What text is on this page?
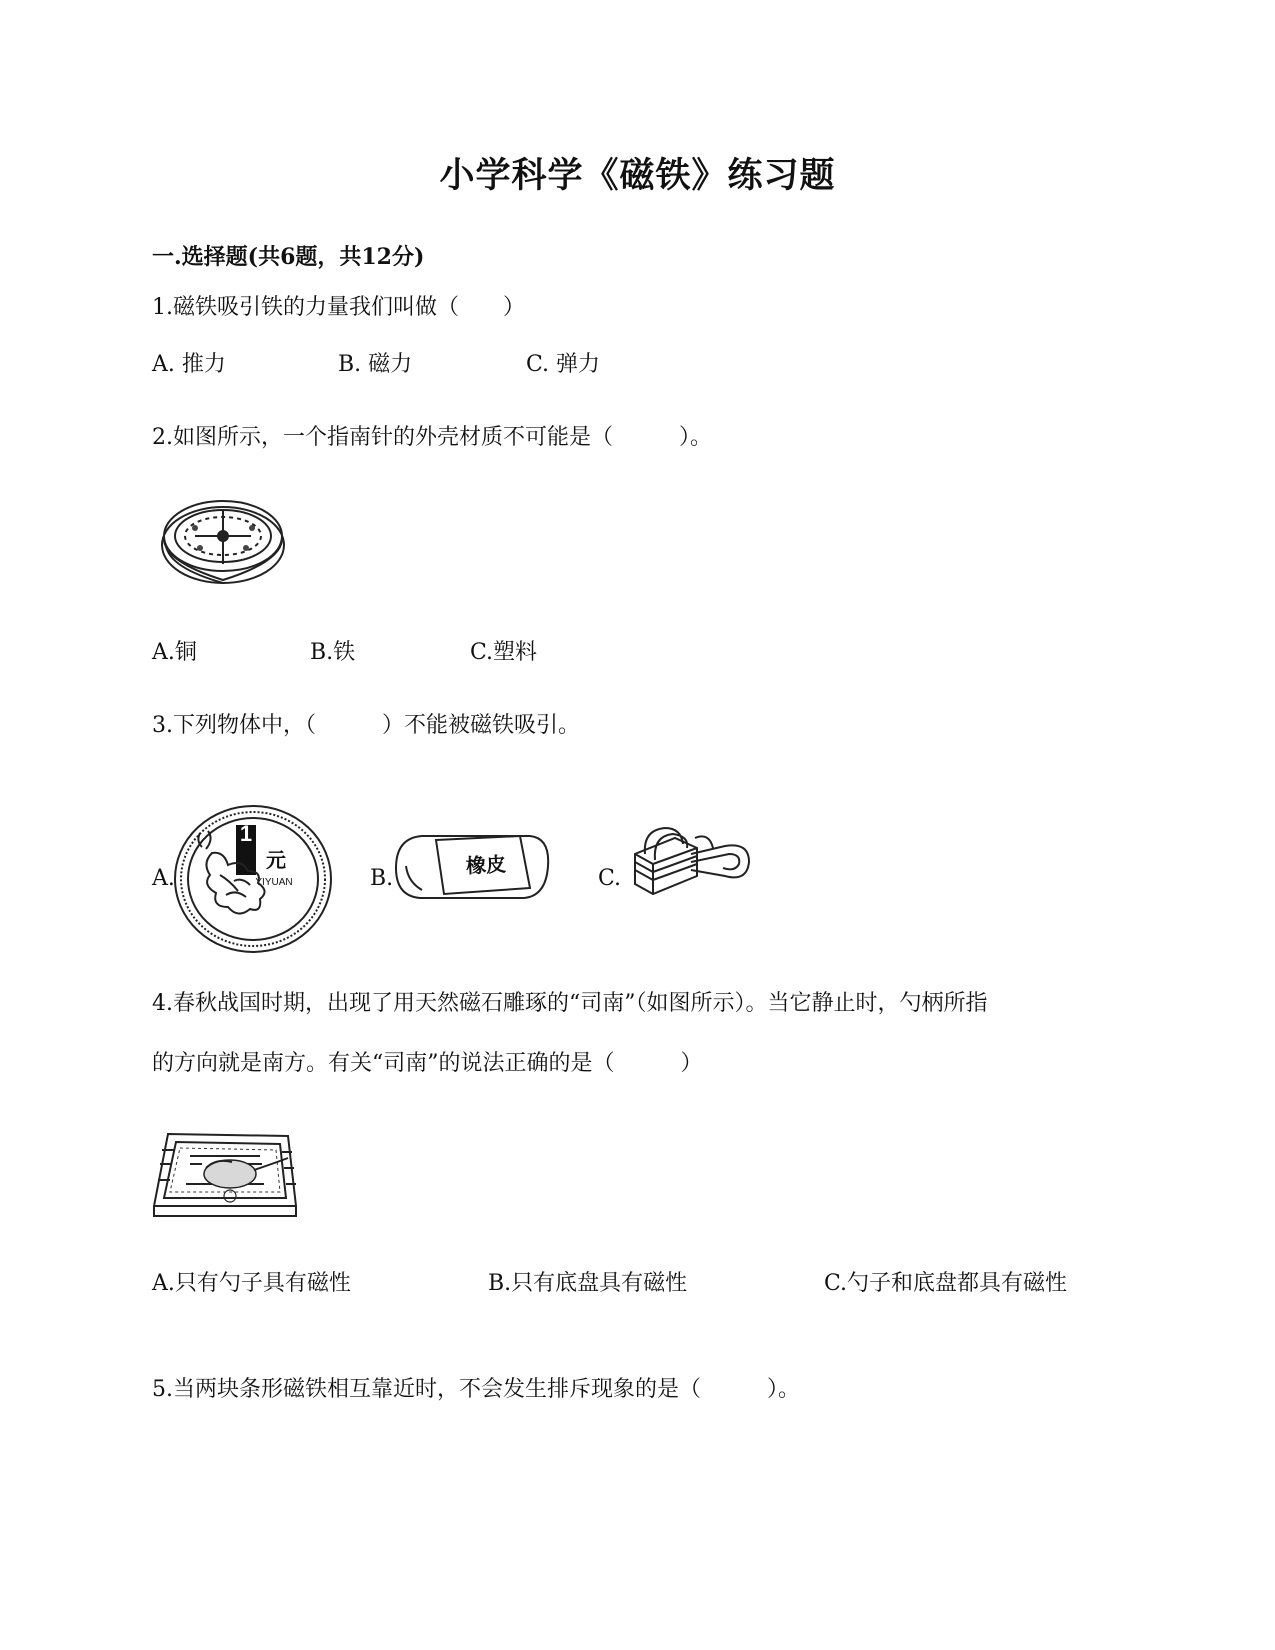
小学科学《磁铁》练习题
一.选择题(共6题，共12分)
1.磁铁吸引铁的力量我们叫做（　　）
A. 推力	B. 磁力	C. 弹力
2.如图所示，一个指南针的外壳材质不可能是（　　　）。
A.铜	B.铁	C.塑料
3.下列物体中，（　　　）不能被磁铁吸引。
A.
1
元
YIYUAN	B.
橡皮
C.
4.春秋战国时期，出现了用天然磁石雕琢的“司南”（如图所示）。当它静止时，勺柄所指
的方向就是南方。有关“司南”的说法正确的是（　　　）
A.只有勺子具有磁性	B.只有底盘具有磁性	C.勺子和底盘都具有磁性
5.当两块条形磁铁相互靠近时，不会发生排斥现象的是（　　　）。
